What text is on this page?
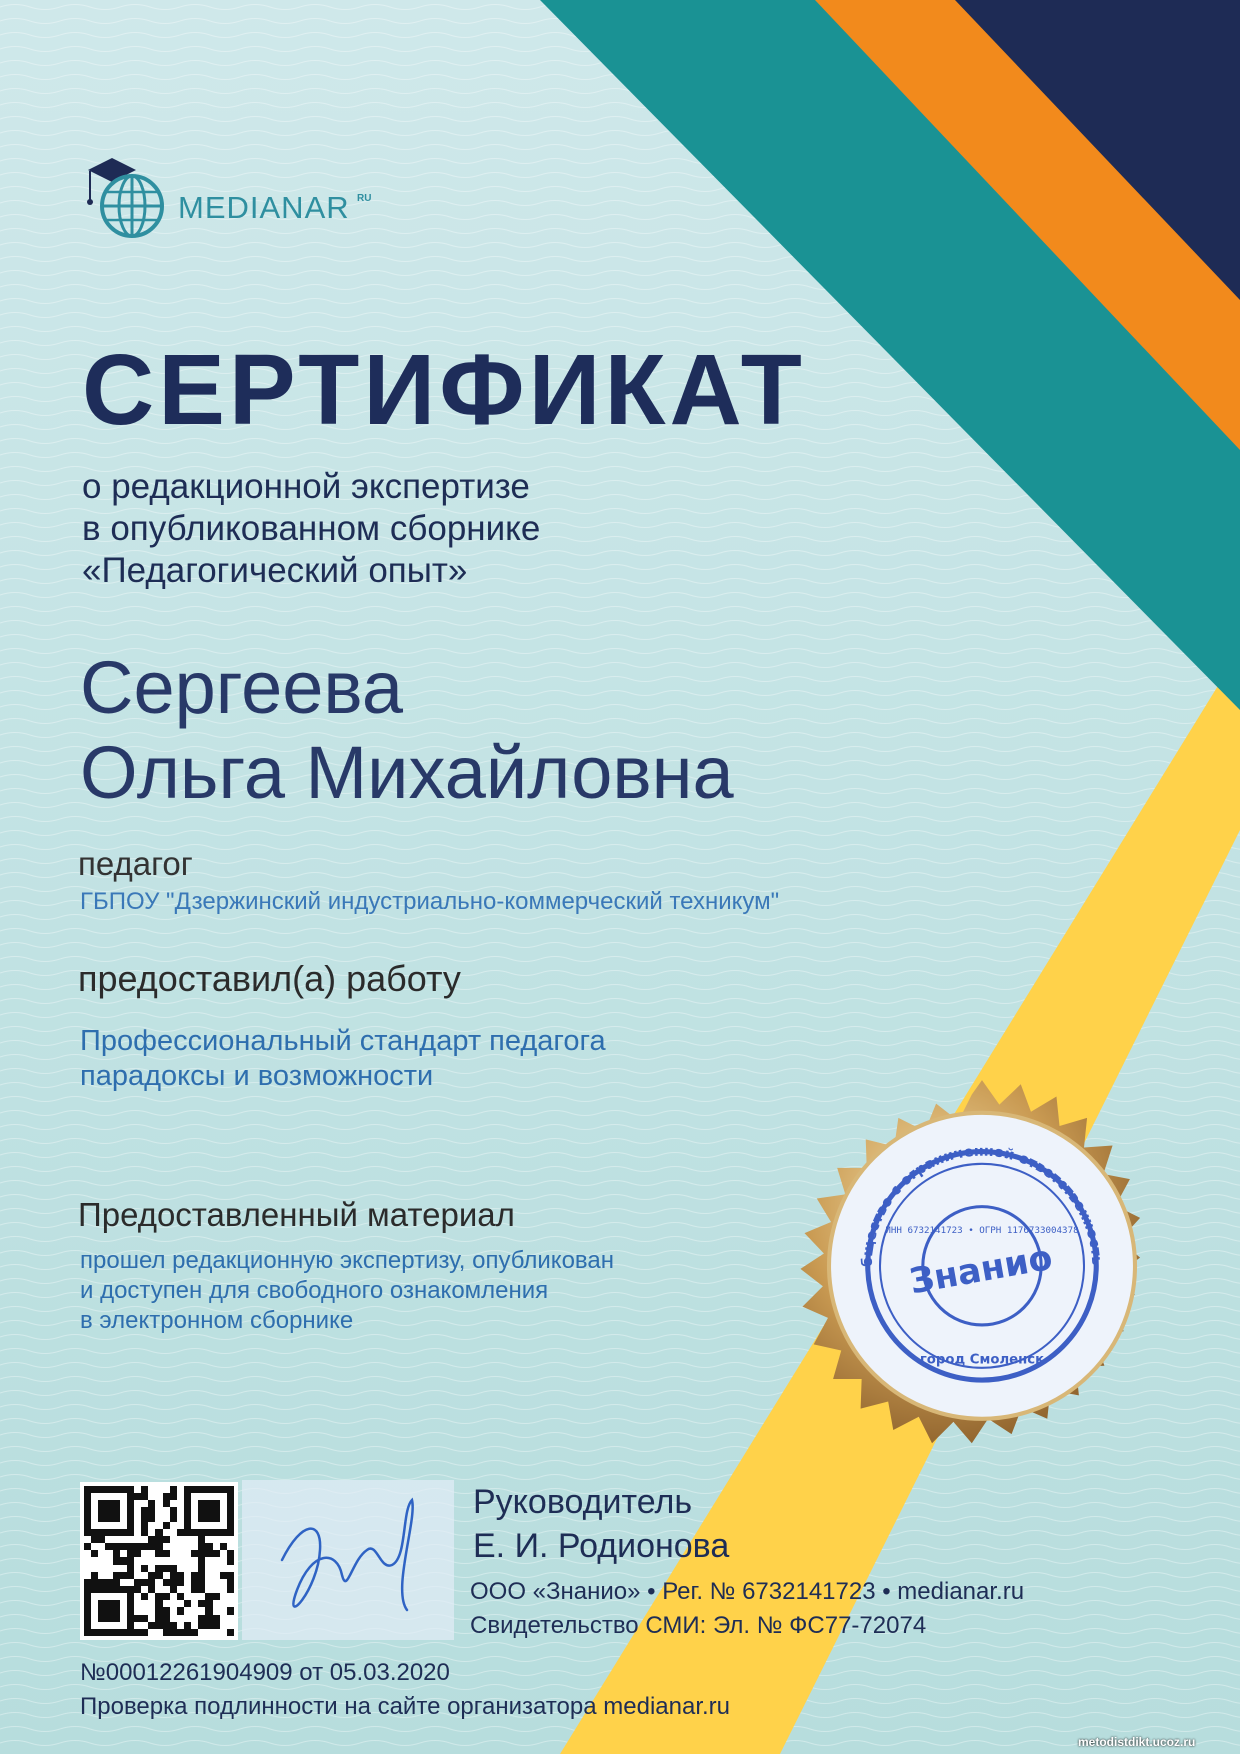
MEDIANAR RU
СЕРТИФИКАТ
о редакционной экспертизе
в опубликованном сборнике
«Педагогический опыт»
Сергеева
Ольга Михайловна
педагог
ГБПОУ "Дзержинский индустриально-коммерческий техникум"
предоставил(а) работу
Профессиональный стандарт педагога
парадоксы и возможности
Предоставленный материал
прошел редакционную экспертизу, опубликован
и доступен для свободного ознакомления
в электронном сборнике
бщество с ограниченной ответственность
Знанио
ИНН 6732141723 • ОГРН 1176733004378
город Смоленск
Руководитель
Е. И. Родионова
ООО «Знанио» • Рег. № 6732141723 • medianar.ru
Свидетельство СМИ: Эл. № ФС77-72074
№00012261904909 от 05.03.2020
Проверка подлинности на сайте организатора medianar.ru
metodistdikt.ucoz.ru
